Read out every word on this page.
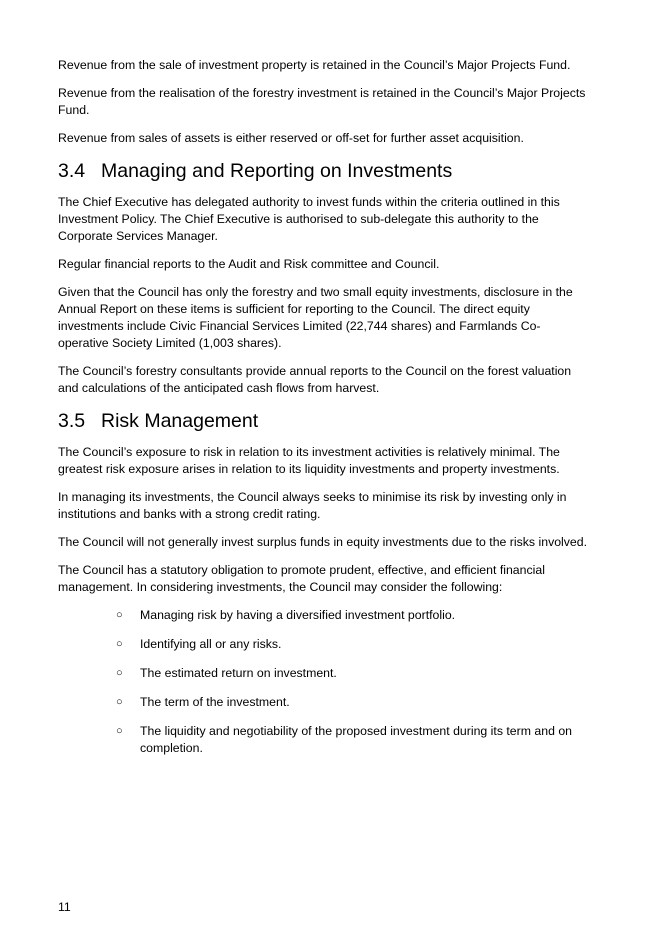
Revenue from the sale of investment property is retained in the Council’s Major Projects Fund.

Revenue from the realisation of the forestry investment is retained in the Council’s Major Projects Fund.

Revenue from sales of assets is either reserved or off-set for further asset acquisition.

3.4 Managing and Reporting on Investments

The Chief Executive has delegated authority to invest funds within the criteria outlined in this Investment Policy. The Chief Executive is authorised to sub-delegate this authority to the Corporate Services Manager.

Regular financial reports to the Audit and Risk committee and Council.

Given that the Council has only the forestry and two small equity investments, disclosure in the Annual Report on these items is sufficient for reporting to the Council. The direct equity investments include Civic Financial Services Limited (22,744 shares) and Farmlands Co-operative Society Limited (1,003 shares).

The Council’s forestry consultants provide annual reports to the Council on the forest valuation and calculations of the anticipated cash flows from harvest.

3.5 Risk Management

The Council’s exposure to risk in relation to its investment activities is relatively minimal. The greatest risk exposure arises in relation to its liquidity investments and property investments.

In managing its investments, the Council always seeks to minimise its risk by investing only in institutions and banks with a strong credit rating.

The Council will not generally invest surplus funds in equity investments due to the risks involved.

The Council has a statutory obligation to promote prudent, effective, and efficient financial management. In considering investments, the Council may consider the following:

○	Managing risk by having a diversified investment portfolio.
○	Identifying all or any risks.
○	The estimated return on investment.
○	The term of the investment.
○	The liquidity and negotiability of the proposed investment during its term and on completion.
11
